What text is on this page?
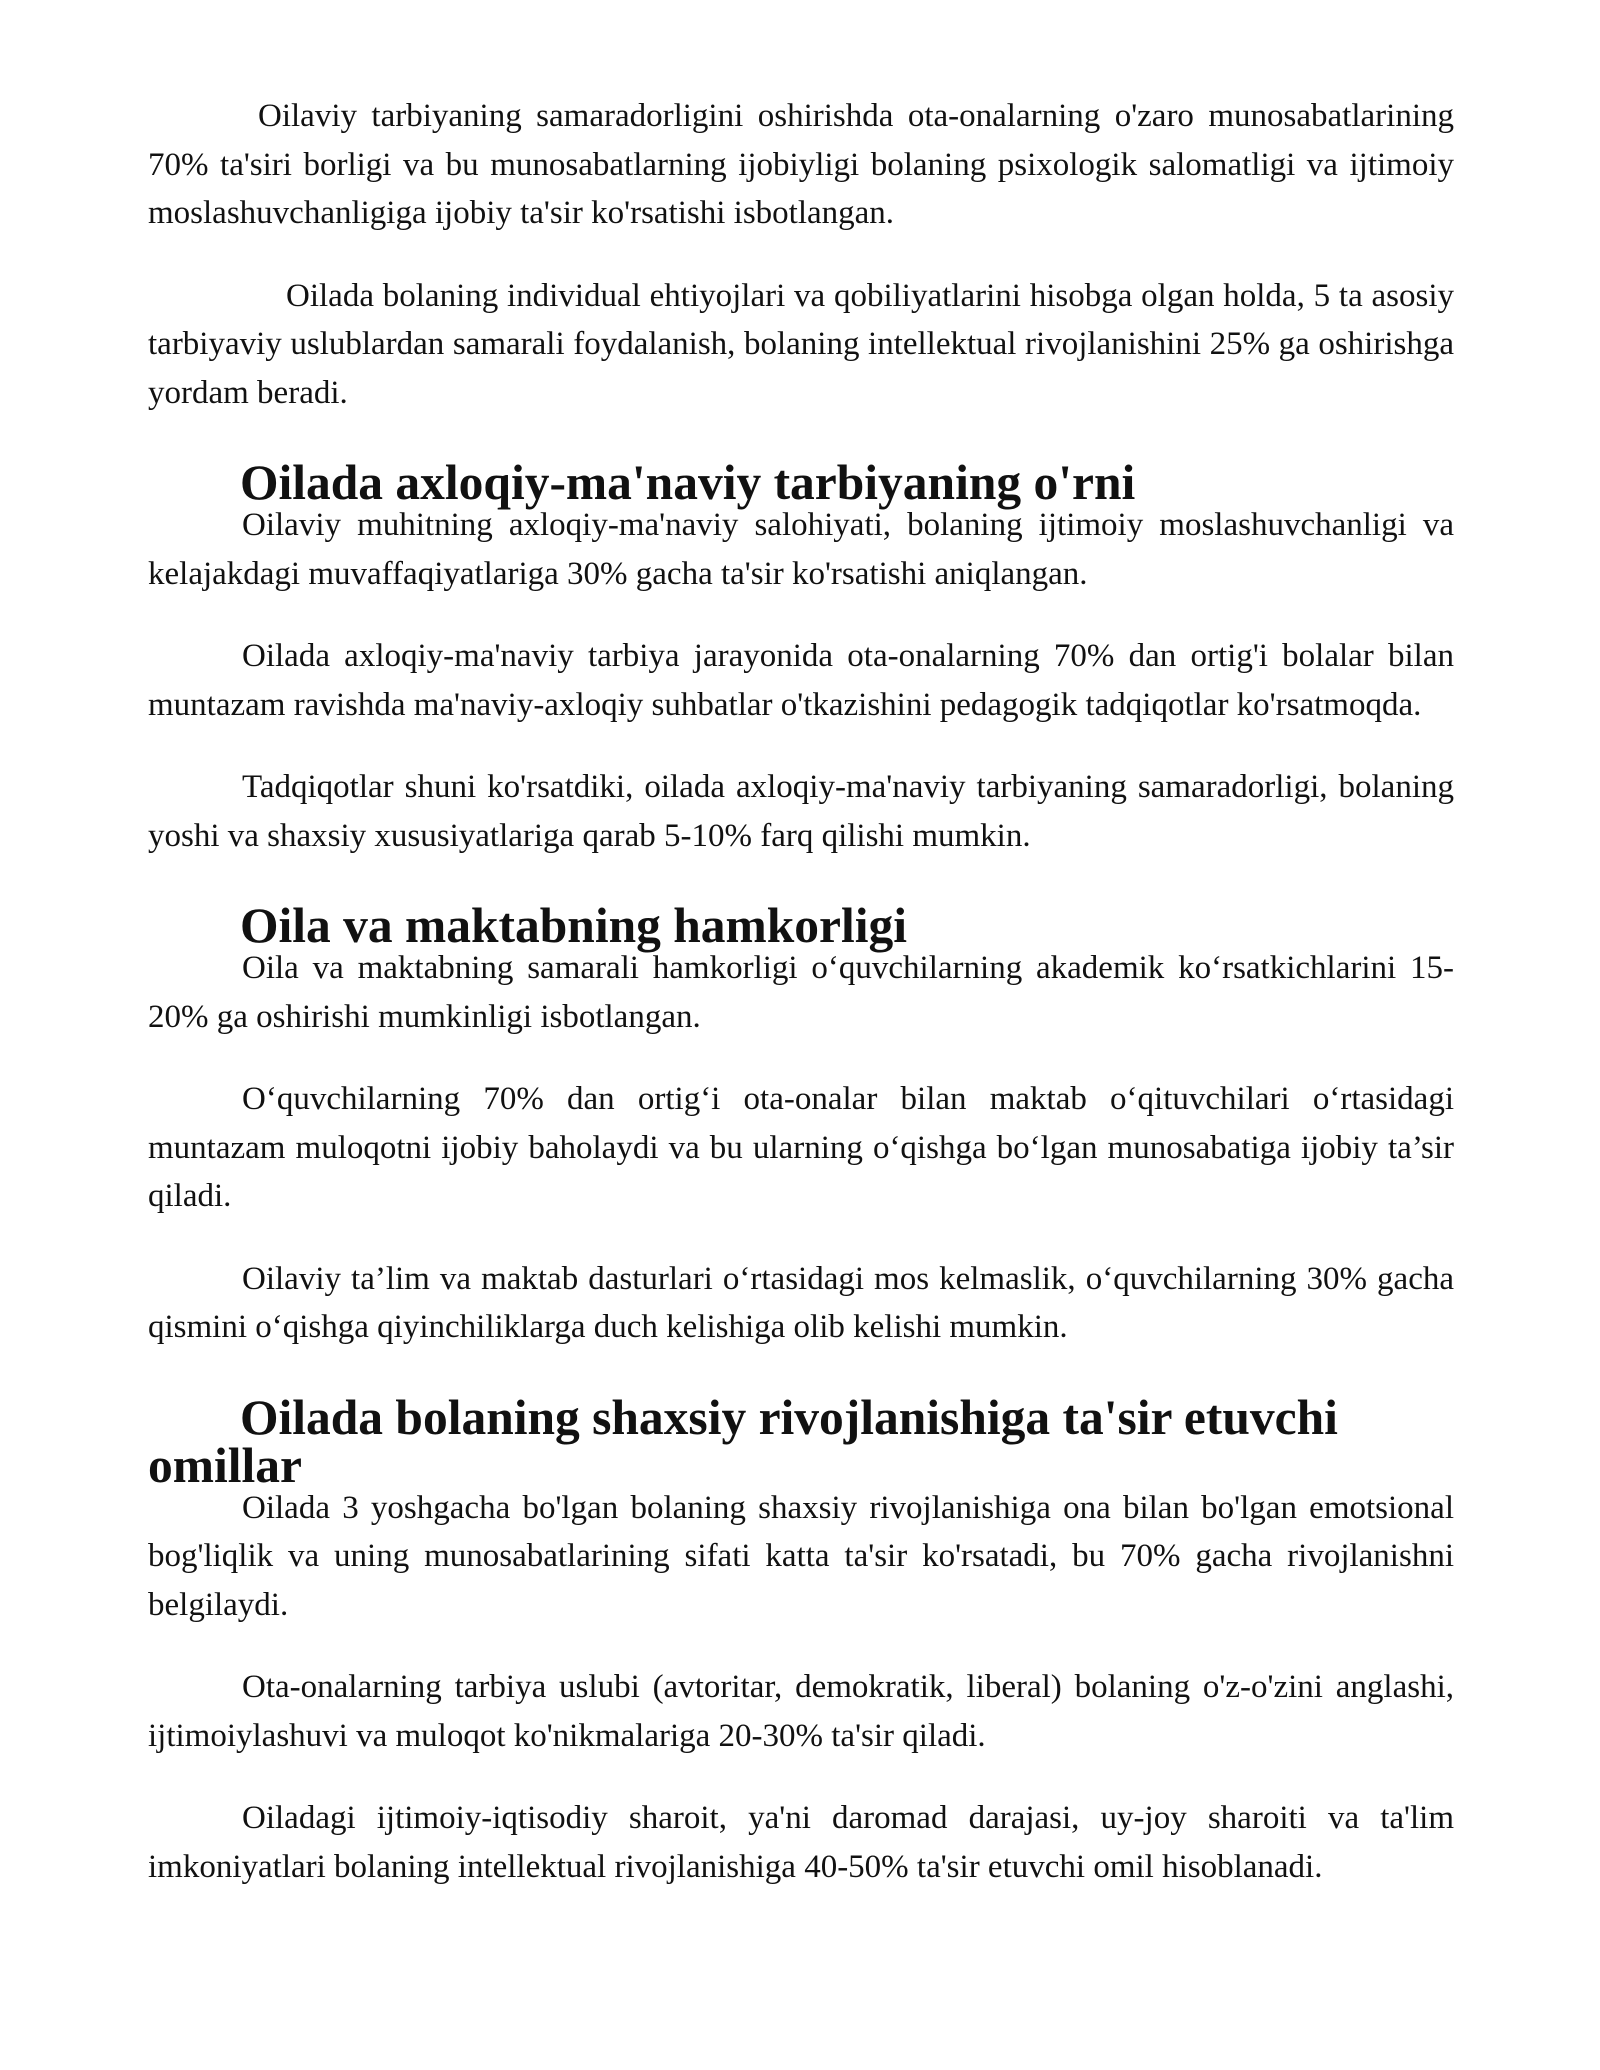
Oilaviy tarbiyaning samaradorligini oshirishda ota-onalarning o'zaro munosabatlarining 70% ta'siri borligi va bu munosabatlarning ijobiyligi bolaning psixologik salomatligi va ijtimoiy moslashuvchanligiga ijobiy ta'sir ko'rsatishi isbotlangan.

Oilada bolaning individual ehtiyojlari va qobiliyatlarini hisobga olgan holda, 5 ta asosiy tarbiyaviy uslublardan samarali foydalanish, bolaning intellektual rivojlanishini 25% ga oshirishga yordam beradi.

Oilada axloqiy-ma'naviy tarbiyaning o'rni

Oilaviy muhitning axloqiy-ma'naviy salohiyati, bolaning ijtimoiy moslashuvchanligi va kelajakdagi muvaffaqiyatlariga 30% gacha ta'sir ko'rsatishi aniqlangan.

Oilada axloqiy-ma'naviy tarbiya jarayonida ota-onalarning 70% dan ortig'i bolalar bilan muntazam ravishda ma'naviy-axloqiy suhbatlar o'tkazishini pedagogik tadqiqotlar ko'rsatmoqda.

Tadqiqotlar shuni ko'rsatdiki, oilada axloqiy-ma'naviy tarbiyaning samaradorligi, bolaning yoshi va shaxsiy xususiyatlariga qarab 5-10% farq qilishi mumkin.

Oila va maktabning hamkorligi

Oila va maktabning samarali hamkorligi o‘quvchilarning akademik ko‘rsatkichlarini 15-20% ga oshirishi mumkinligi isbotlangan.

O‘quvchilarning 70% dan ortig‘i ota-onalar bilan maktab o‘qituvchilari o‘rtasidagi muntazam muloqotni ijobiy baholaydi va bu ularning o‘qishga bo‘lgan munosabatiga ijobiy ta’sir qiladi.

Oilaviy ta’lim va maktab dasturlari o‘rtasidagi mos kelmaslik, o‘quvchilarning 30% gacha qismini o‘qishga qiyinchiliklarga duch kelishiga olib kelishi mumkin.

Oilada bolaning shaxsiy rivojlanishiga ta'sir etuvchi omillar

Oilada 3 yoshgacha bo'lgan bolaning shaxsiy rivojlanishiga ona bilan bo'lgan emotsional bog'liqlik va uning munosabatlarining sifati katta ta'sir ko'rsatadi, bu 70% gacha rivojlanishni belgilaydi.

Ota-onalarning tarbiya uslubi (avtoritar, demokratik, liberal) bolaning o'z-o'zini anglashi, ijtimoiylashuvi va muloqot ko'nikmalariga 20-30% ta'sir qiladi.

Oiladagi ijtimoiy-iqtisodiy sharoit, ya'ni daromad darajasi, uy-joy sharoiti va ta'lim imkoniyatlari bolaning intellektual rivojlanishiga 40-50% ta'sir etuvchi omil hisoblanadi.
